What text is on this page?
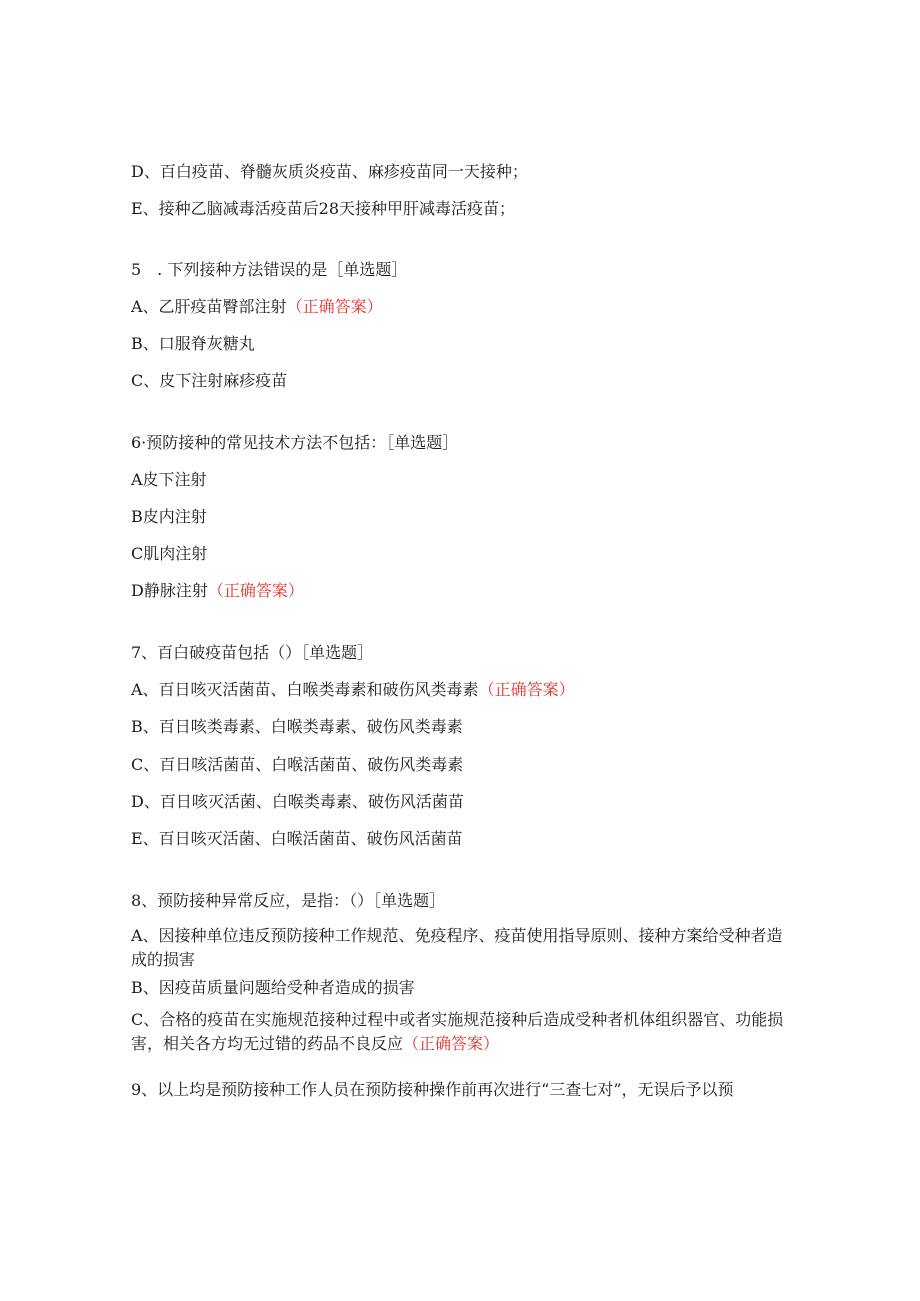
D、百白疫苗、脊髓灰质炎疫苗、麻疹疫苗同一天接种；
E、接种乙脑减毒活疫苗后28天接种甲肝减毒活疫苗；
5　. 下列接种方法错误的是［单选题］
A、乙肝疫苗臀部注射（正确答案）
B、口服脊灰糖丸
C、皮下注射麻疹疫苗
6·预防接种的常见技术方法不包括：［单选题］
A皮下注射
B皮内注射
C肌肉注射
D静脉注射（正确答案）
7、百白破疫苗包括（）［单选题］
A、百日咳灭活菌苗、白喉类毒素和破伤风类毒素（正确答案）
B、百日咳类毒素、白喉类毒素、破伤风类毒素
C、百日咳活菌苗、白喉活菌苗、破伤风类毒素
D、百日咳灭活菌、白喉类毒素、破伤风活菌苗
E、百日咳灭活菌、白喉活菌苗、破伤风活菌苗
8、预防接种异常反应，是指：（）［单选题］
A、因接种单位违反预防接种工作规范、免疫程序、疫苗使用指导原则、接种方案给受种者造成的损害
B、因疫苗质量问题给受种者造成的损害
C、合格的疫苗在实施规范接种过程中或者实施规范接种后造成受种者机体组织器官、功能损害，相关各方均无过错的药品不良反应（正确答案）
9、以上均是预防接种工作人员在预防接种操作前再次进行“三查七对”，无误后予以预
